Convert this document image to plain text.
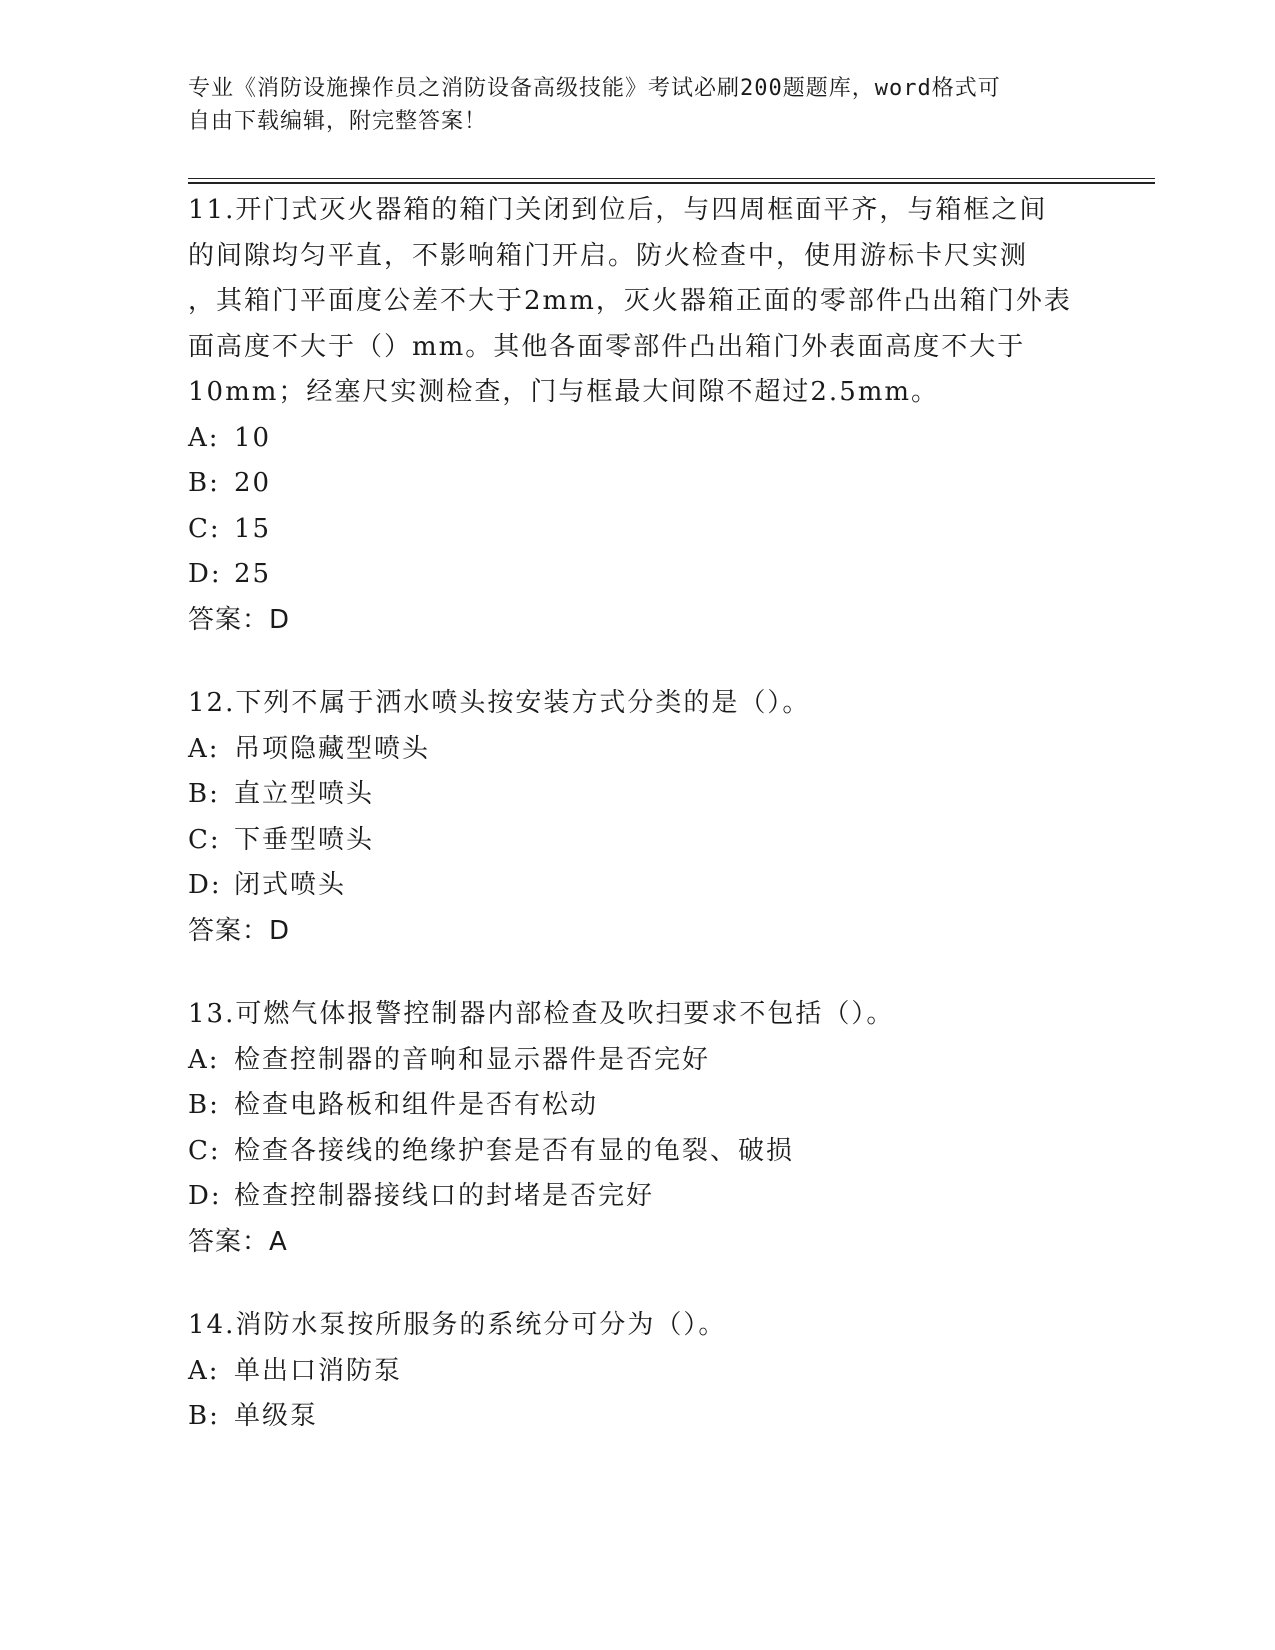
专业《消防设施操作员之消防设备高级技能》考试必刷200题题库，word格式可
自由下载编辑，附完整答案！

11.开门式灭火器箱的箱门关闭到位后，与四周框面平齐，与箱框之间

的间隙均匀平直，不影响箱门开启。防火检查中，使用游标卡尺实测

，其箱门平面度公差不大于2mm，灭火器箱正面的零部件凸出箱门外表

面高度不大于（）mm。其他各面零部件凸出箱门外表面高度不大于

10mm；经塞尺实测检查，门与框最大间隙不超过2.5mm。

A: 10

B: 20

C: 15

D: 25

答案：D

12.下列不属于洒水喷头按安装方式分类的是（）。

A: 吊项隐藏型喷头

B: 直立型喷头

C: 下垂型喷头

D: 闭式喷头

答案：D

13.可燃气体报警控制器内部检查及吹扫要求不包括（）。

A: 检查控制器的音响和显示器件是否完好

B: 检查电路板和组件是否有松动

C: 检查各接线的绝缘护套是否有显的龟裂、破损

D: 检查控制器接线口的封堵是否完好

答案：A

14.消防水泵按所服务的系统分可分为（）。

A: 单出口消防泵

B: 单级泵
